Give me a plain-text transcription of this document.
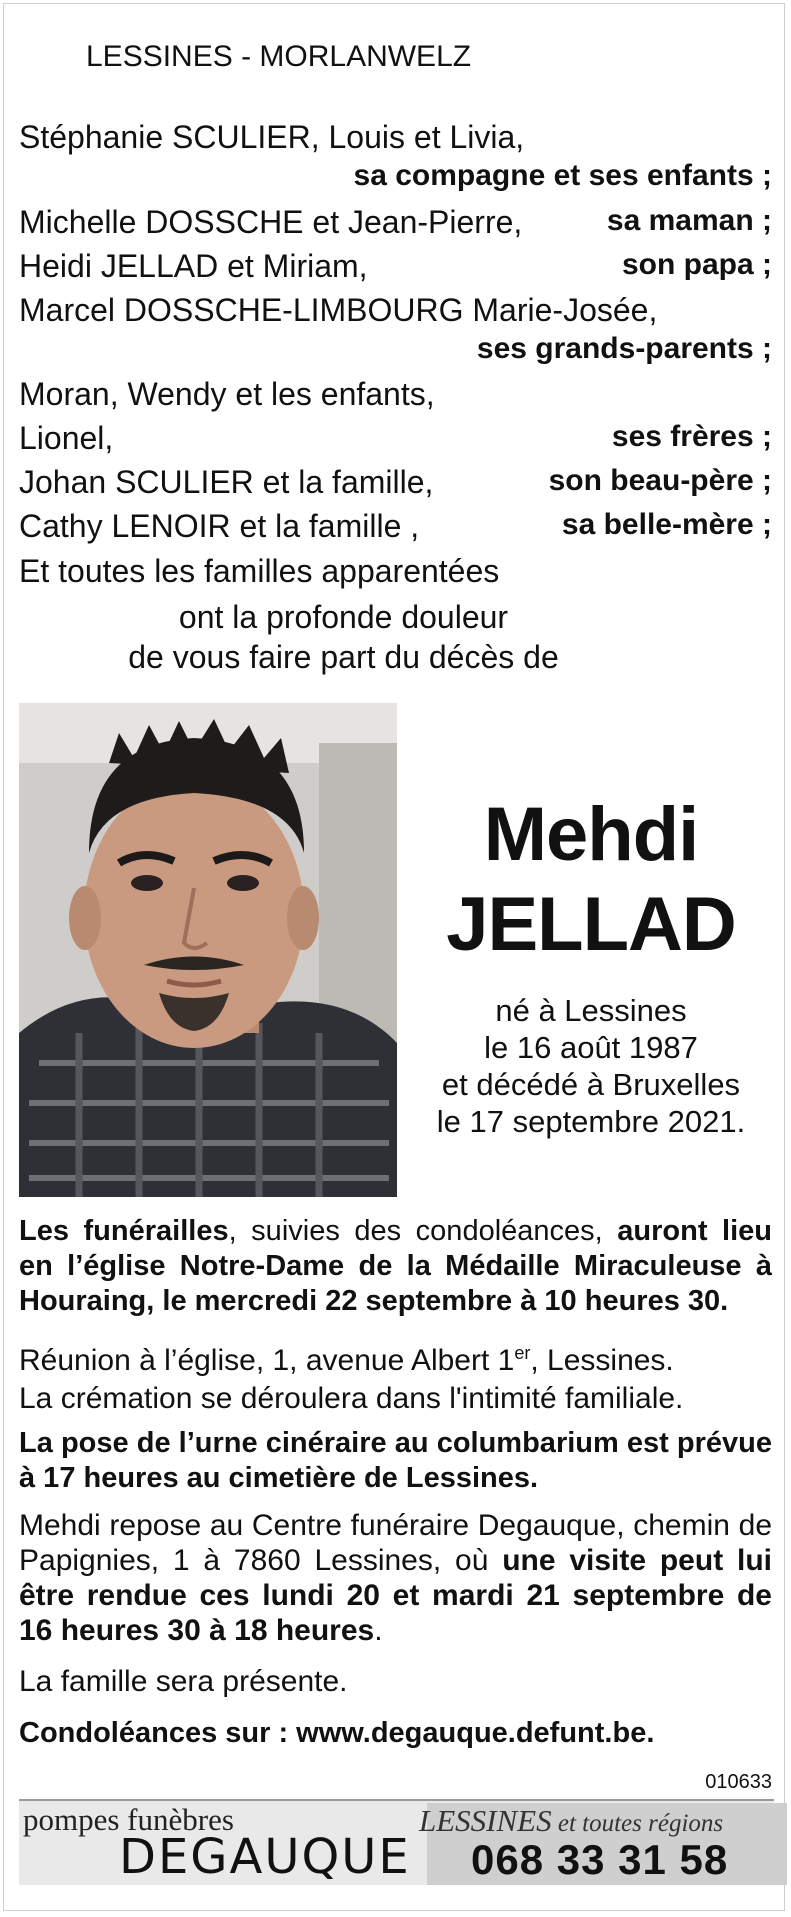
LESSINES - MORLANWELZ
Stéphanie SCULIER, Louis et Livia,
sa compagne et ses enfants ;
Michelle DOSSCHE et Jean-Pierre,	sa maman ;
Heidi JELLAD et Miriam,	son papa ;
Marcel DOSSCHE-LIMBOURG Marie-Josée,
ses grands-parents ;
Moran, Wendy et les enfants,
Lionel,	ses frères ;
Johan SCULIER et la famille,	son beau-père ;
Cathy LENOIR et la famille ,	sa belle-mère ;
Et toutes les familles apparentées
ont la profonde douleur
de vous faire part du décès de
Mehdi
JELLAD
né à Lessines
le 16 août 1987
et décédé à Bruxelles
le 17 septembre 2021.
Les funérailles, suivies des condoléances, auront lieu en l’église Notre-Dame de la Médaille Miraculeuse à Houraing, le mercredi 22 septembre à 10 heures 30.
Réunion à l’église, 1, avenue Albert 1er, Lessines.
La crémation se déroulera dans l'intimité familiale.
La pose de l’urne cinéraire au columbarium est prévue à 17 heures au cimetière de Lessines.
Mehdi repose au Centre funéraire Degauque, chemin de Papignies, 1 à 7860 Lessines, où une visite peut lui être rendue ces lundi 20 et mardi 21 septembre de 16 heures 30 à 18 heures.
La famille sera présente.
Condoléances sur : www.degauque.defunt.be.
010633
pompes funèbres
DEGAUQUE
LESSINES et toutes régions
068 33 31 58
